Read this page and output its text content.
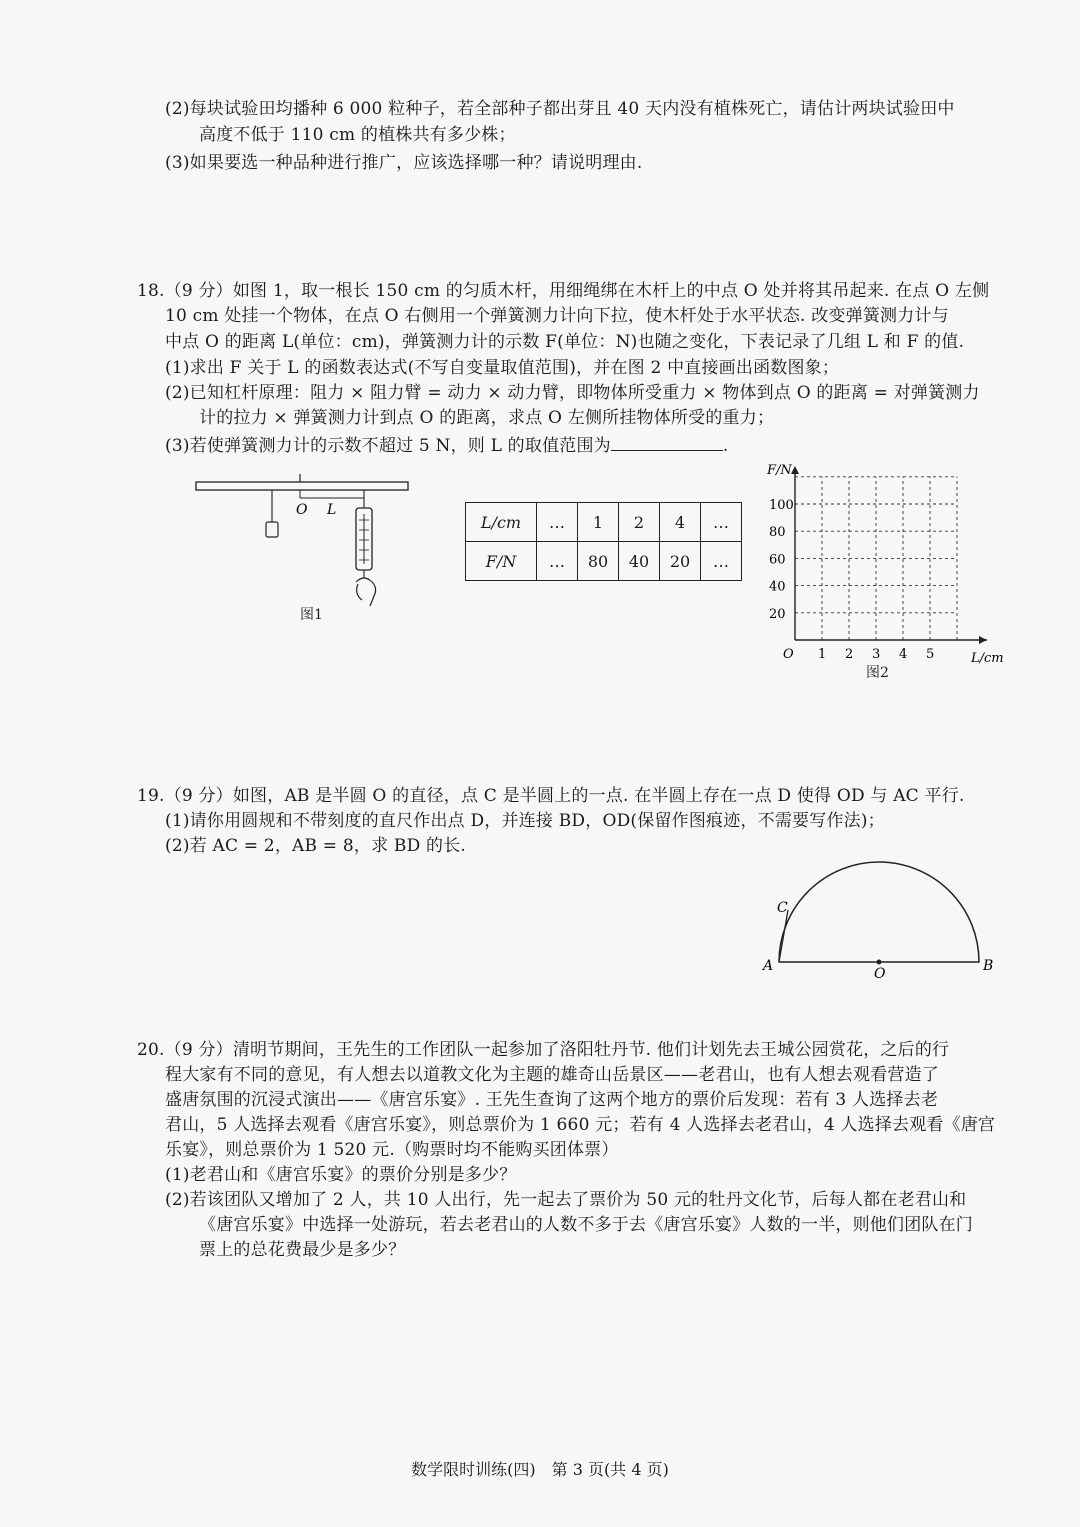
(2)每块试验田均播种 6 000 粒种子，若全部种子都出芽且 40 天内没有植株死亡，请估计两块试验田中
高度不低于 110 cm 的植株共有多少株；
(3)如果要选一种品种进行推广，应该选择哪一种？请说明理由.
18.（9 分）如图 1，取一根长 150 cm 的匀质木杆，用细绳绑在木杆上的中点 O 处并将其吊起来. 在点 O 左侧
10 cm 处挂一个物体，在点 O 右侧用一个弹簧测力计向下拉，使木杆处于水平状态. 改变弹簧测力计与
中点 O 的距离 L(单位：cm)，弹簧测力计的示数 F(单位：N)也随之变化，下表记录了几组 L 和 F 的值.
(1)求出 F 关于 L 的函数表达式(不写自变量取值范围)，并在图 2 中直接画出函数图象；
(2)已知杠杆原理：阻力 × 阻力臂 = 动力 × 动力臂，即物体所受重力 × 物体到点 O 的距离 = 对弹簧测力
计的拉力 × 弹簧测力计到点 O 的距离，求点 O 左侧所挂物体所受的重力；
(3)若使弹簧测力计的示数不超过 5 N，则 L 的取值范围为	.
O L
图1
L/cm	…	1	2	4	…
F/N	…	80	40	20	…
1 2 3 4 5
20
40
60
80
100
O
F/N
L/cm
图2
19.（9 分）如图，AB 是半圆 O 的直径，点 C 是半圆上的一点. 在半圆上存在一点 D 使得 OD 与 AC 平行.
(1)请你用圆规和不带刻度的直尺作出点 D，并连接 BD，OD(保留作图痕迹，不需要写作法)；
(2)若 AC = 2，AB = 8，求 BD 的长.
A	B
C
O
20.（9 分）清明节期间，王先生的工作团队一起参加了洛阳牡丹节. 他们计划先去王城公园赏花，之后的行
程大家有不同的意见，有人想去以道教文化为主题的雄奇山岳景区——老君山，也有人想去观看营造了
盛唐氛围的沉浸式演出——《唐宫乐宴》. 王先生查询了这两个地方的票价后发现：若有 3 人选择去老
君山，5 人选择去观看《唐宫乐宴》，则总票价为 1 660 元；若有 4 人选择去老君山，4 人选择去观看《唐宫
乐宴》，则总票价为 1 520 元.（购票时均不能购买团体票）
(1)老君山和《唐宫乐宴》的票价分别是多少？
(2)若该团队又增加了 2 人，共 10 人出行，先一起去了票价为 50 元的牡丹文化节，后每人都在老君山和
《唐宫乐宴》中选择一处游玩，若去老君山的人数不多于去《唐宫乐宴》人数的一半，则他们团队在门
票上的总花费最少是多少？
数学限时训练(四)　第 3 页(共 4 页)
